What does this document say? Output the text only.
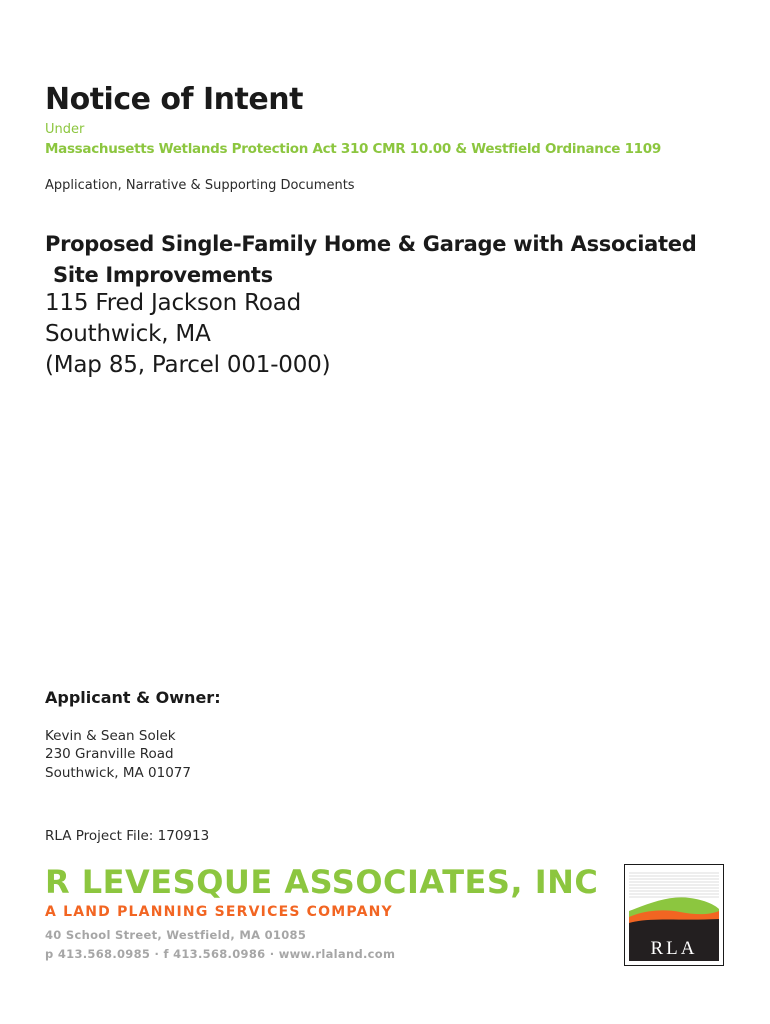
Notice of Intent
Under
Massachusetts Wetlands Protection Act 310 CMR 10.00 & Westfield Ordinance 1109
Application, Narrative & Supporting Documents
Proposed Single-Family Home & Garage with Associated
Site Improvements
115 Fred Jackson Road
Southwick, MA
(Map 85, Parcel 001-000)
Applicant & Owner:
Kevin & Sean Solek
230 Granville Road
Southwick, MA 01077
RLA Project File: 170913
R LEVESQUE ASSOCIATES, INC
A LAND PLANNING SERVICES COMPANY
40 School Street, Westfield, MA 01085
p 413.568.0985 · f 413.568.0986 · www.rlaland.com	RLA
